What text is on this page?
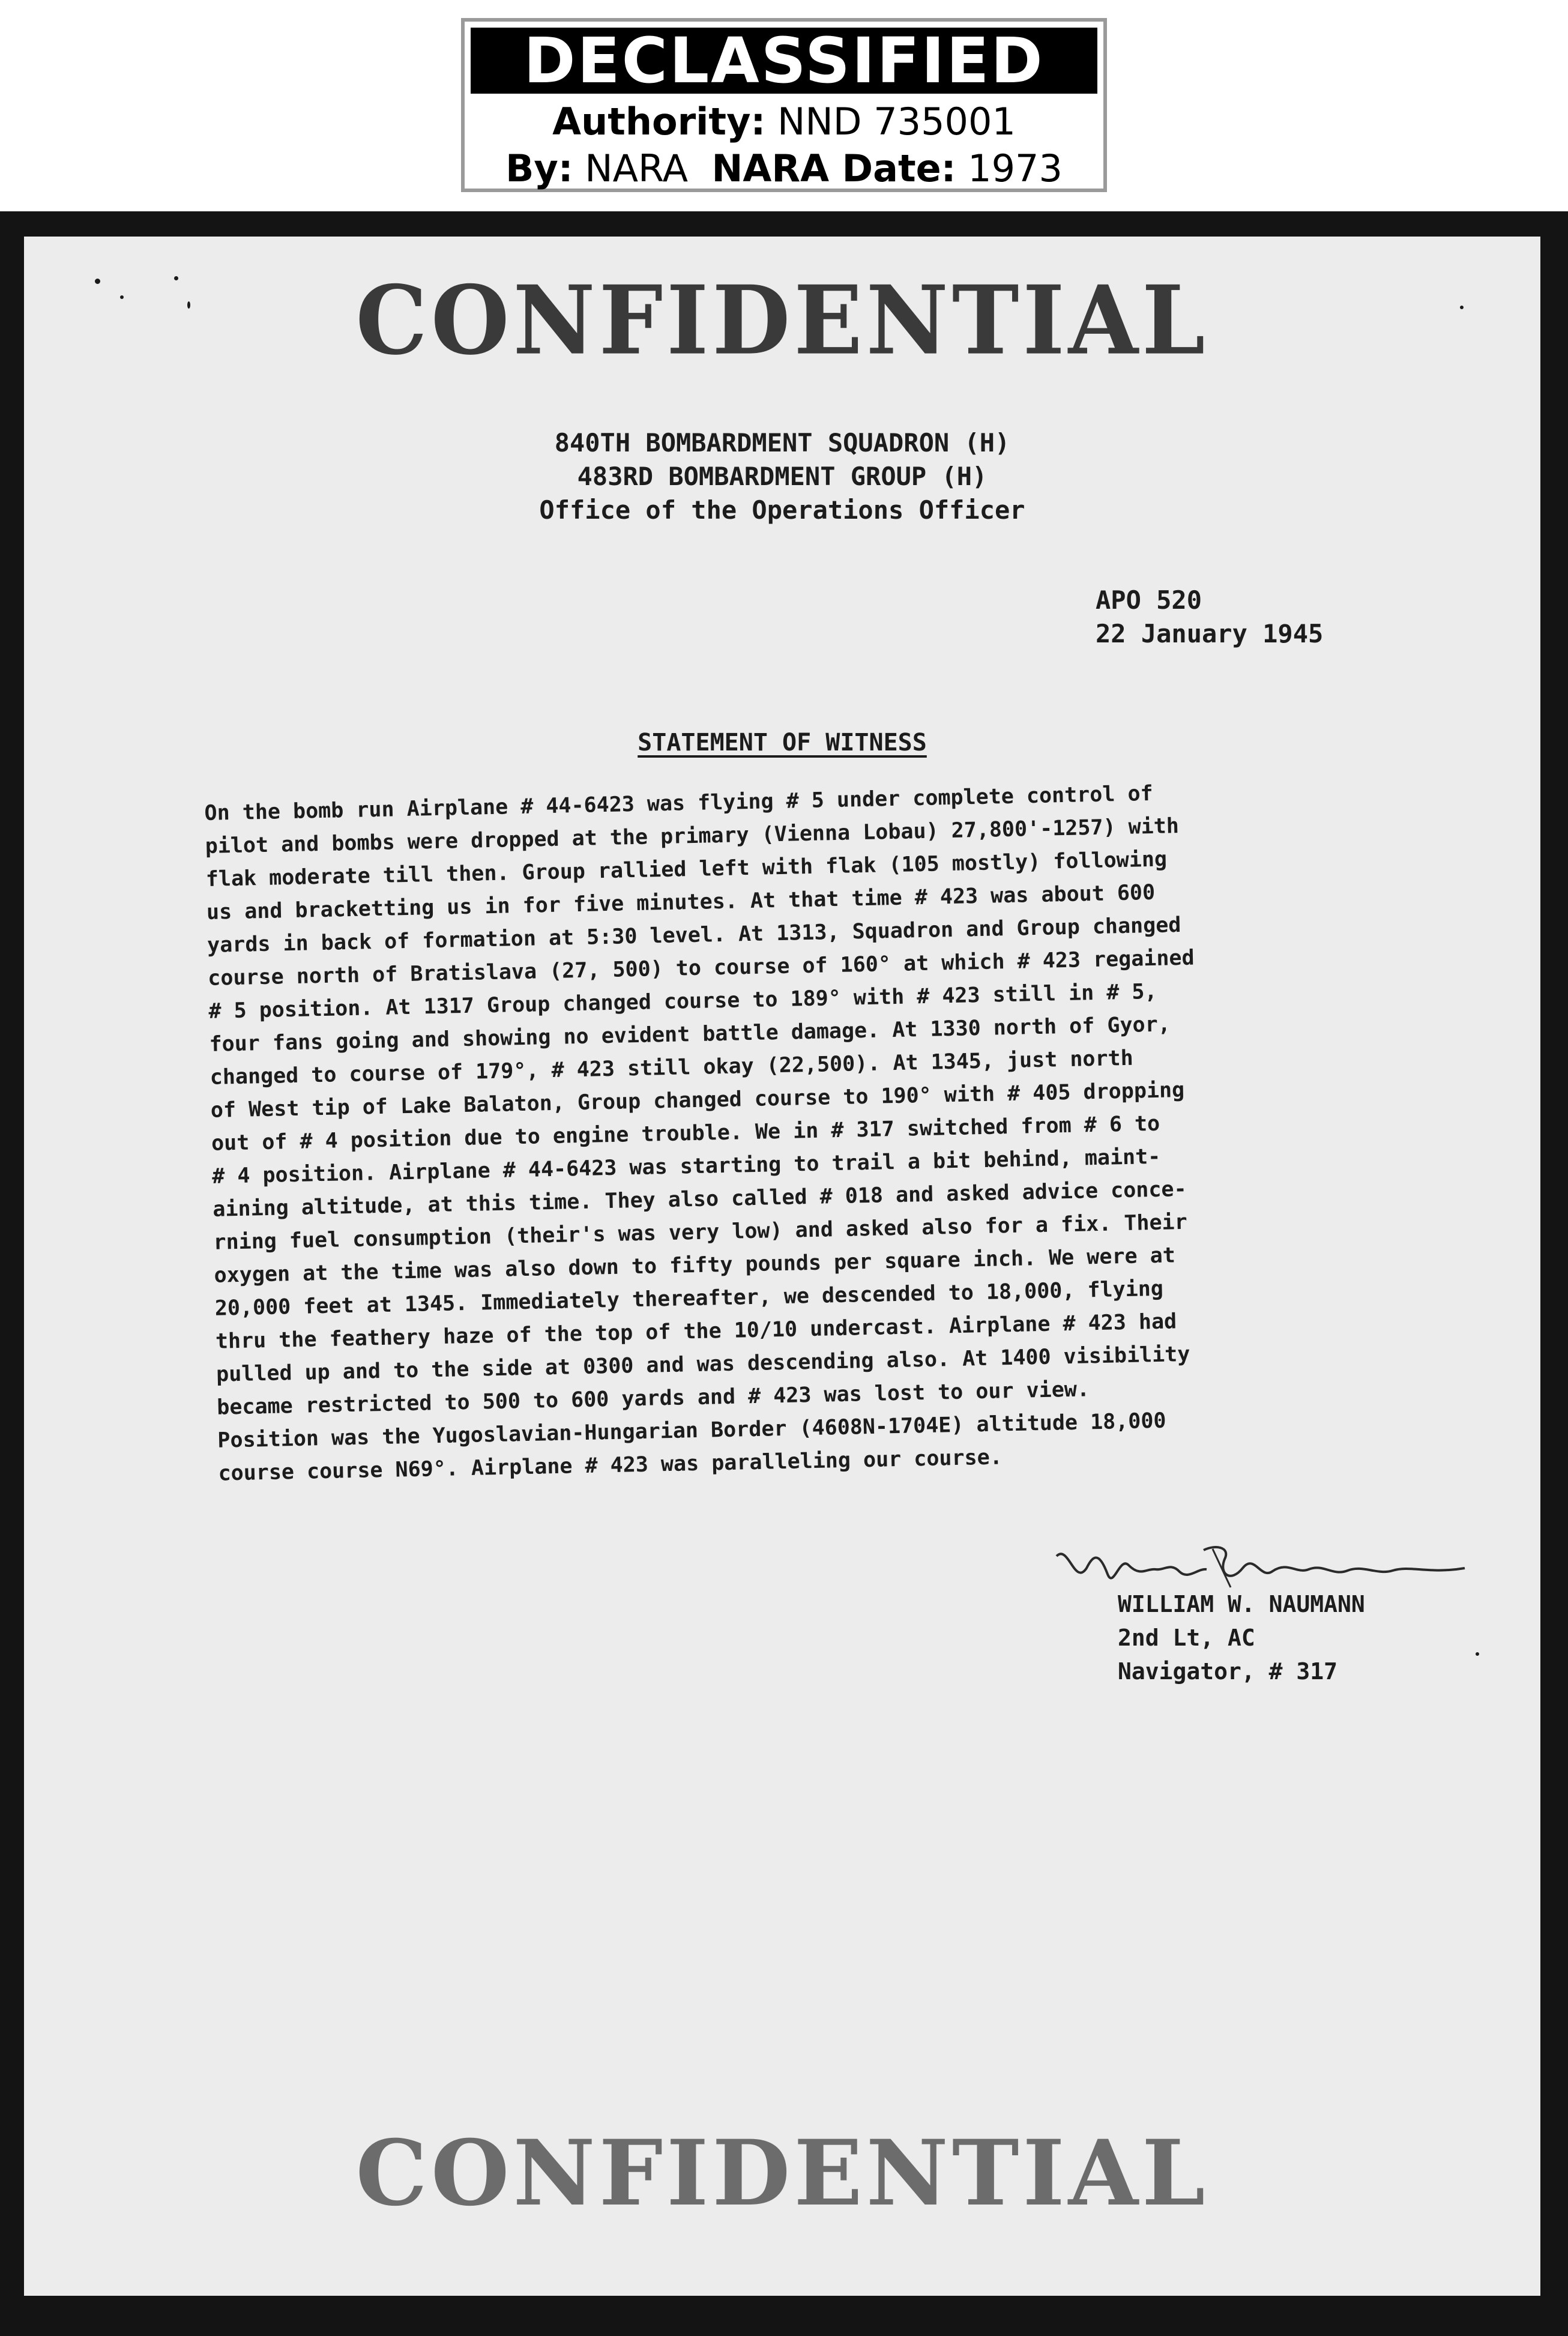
DECLASSIFIED
Authority: NND 735001
By: NARA NARA Date: 1973
CONFIDENTIAL
840TH BOMBARDMENT SQUADRON (H)
483RD BOMBARDMENT GROUP (H)
Office of the Operations Officer
APO 520
22 January 1945
STATEMENT OF WITNESS
On the bomb run Airplane # 44-6423 was flying # 5 under complete control of
pilot and bombs were dropped at the primary (Vienna Lobau) 27,800'-1257) with
flak moderate till then. Group rallied left with flak (105 mostly) following
us and bracketting us in for five minutes. At that time # 423 was about 600
yards in back of formation at 5:30 level. At 1313, Squadron and Group changed
course north of Bratislava (27, 500) to course of 160° at which # 423 regained
# 5 position. At 1317 Group changed course to 189° with # 423 still in # 5,
four fans going and showing no evident battle damage. At 1330 north of Gyor,
changed to course of 179°, # 423 still okay (22,500). At 1345, just north
of West tip of Lake Balaton, Group changed course to 190° with # 405 dropping
out of # 4 position due to engine trouble. We in # 317 switched from # 6 to
# 4 position. Airplane # 44-6423 was starting to trail a bit behind, maint-
aining altitude, at this time. They also called # 018 and asked advice conce-
rning fuel consumption (their's was very low) and asked also for a fix. Their
oxygen at the time was also down to fifty pounds per square inch. We were at
20,000 feet at 1345. Immediately thereafter, we descended to 18,000, flying
thru the feathery haze of the top of the 10/10 undercast. Airplane # 423 had
pulled up and to the side at 0300 and was descending also. At 1400 visibility
became restricted to 500 to 600 yards and # 423 was lost to our view.
Position was the Yugoslavian-Hungarian Border (4608N-1704E) altitude 18,000
course course N69°. Airplane # 423 was paralleling our course.
WILLIAM W. NAUMANN
2nd Lt, AC
Navigator, # 317
CONFIDENTIAL
